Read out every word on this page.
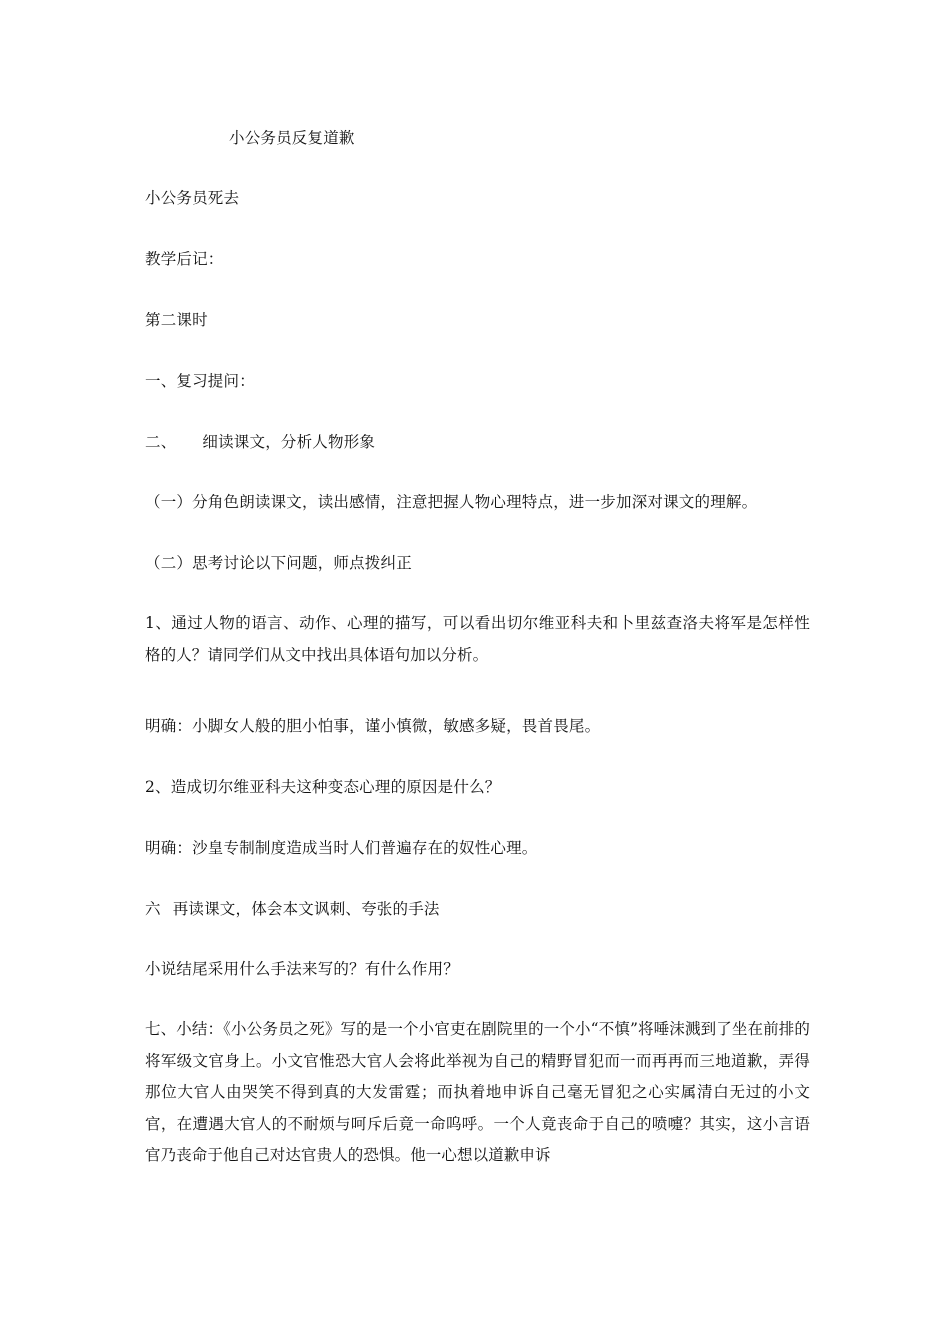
小公务员反复道歉
小公务员死去
教学后记：
第二课时
一、复习提问：
二、 细读课文，分析人物形象
（一）分角色朗读课文，读出感情，注意把握人物心理特点，进一步加深对课文的理解。
（二）思考讨论以下问题，师点拨纠正
1、通过人物的语言、动作、心理的描写，可以看出切尔维亚科夫和卜里兹查洛夫将军是怎样性格的人？请同学们从文中找出具体语句加以分析。
明确：小脚女人般的胆小怕事，谨小慎微，敏感多疑，畏首畏尾。
2、造成切尔维亚科夫这种变态心理的原因是什么？
明确：沙皇专制制度造成当时人们普遍存在的奴性心理。
六 再读课文，体会本文讽刺、夸张的手法
小说结尾采用什么手法来写的？有什么作用？
七、小结：《小公务员之死》写的是一个小官吏在剧院里的一个小“不慎”将唾沫溅到了坐在前排的将军级文官身上。小文官惟恐大官人会将此举视为自己的精野冒犯而一而再再而三地道歉，弄得那位大官人由哭笑不得到真的大发雷霆；而执着地申诉自己毫无冒犯之心实属清白无过的小文官，在遭遇大官人的不耐烦与呵斥后竟一命呜呼。一个人竟丧命于自己的喷嚏？其实，这小言语官乃丧命于他自己对达官贵人的恐惧。他一心想以道歉申诉
